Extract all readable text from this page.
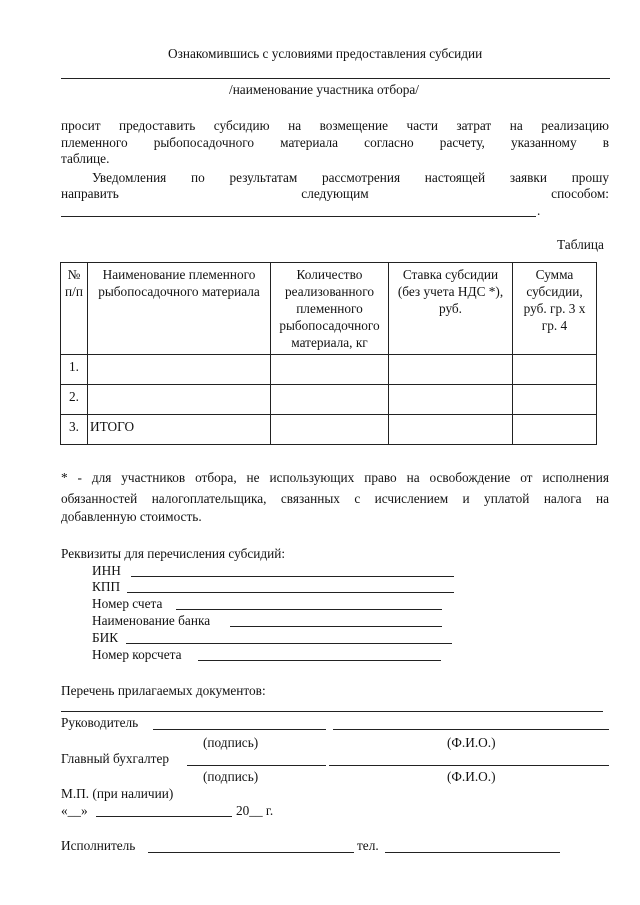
Ознакомившись с условиями предоставления субсидии
/наименование участника отбора/
просит предоставить субсидию на возмещение части затрат на реализацию
племенного рыбопосадочного материала согласно расчету, указанному в
таблице.
Уведомления по результатам рассмотрения настоящей заявки прошу
направить следующим способом:
.
Таблица
№ п/п	Наименование племенного рыбопосадочного материала	Количество реализованного племенного рыбопосадочного материала, кг	Ставка субсидии (без учета НДС *), руб.	Сумма субсидии, руб. гр. 3 х гр. 4
1.				
2.				
3.	ИТОГО			
* - для участников отбора, не использующих право на освобождение от исполнения
обязанностей налогоплательщика, связанных с исчислением и уплатой налога на
добавленную стоимость.
Реквизиты для перечисления субсидий:
ИНН
КПП
Номер счета
Наименование банка
БИК
Номер корсчета
Перечень прилагаемых документов:
Руководитель
(подпись)	(Ф.И.О.)
Главный бухгалтер
(подпись)	(Ф.И.О.)
М.П. (при наличии)
«__»	20__ г.
Исполнитель	тел.
